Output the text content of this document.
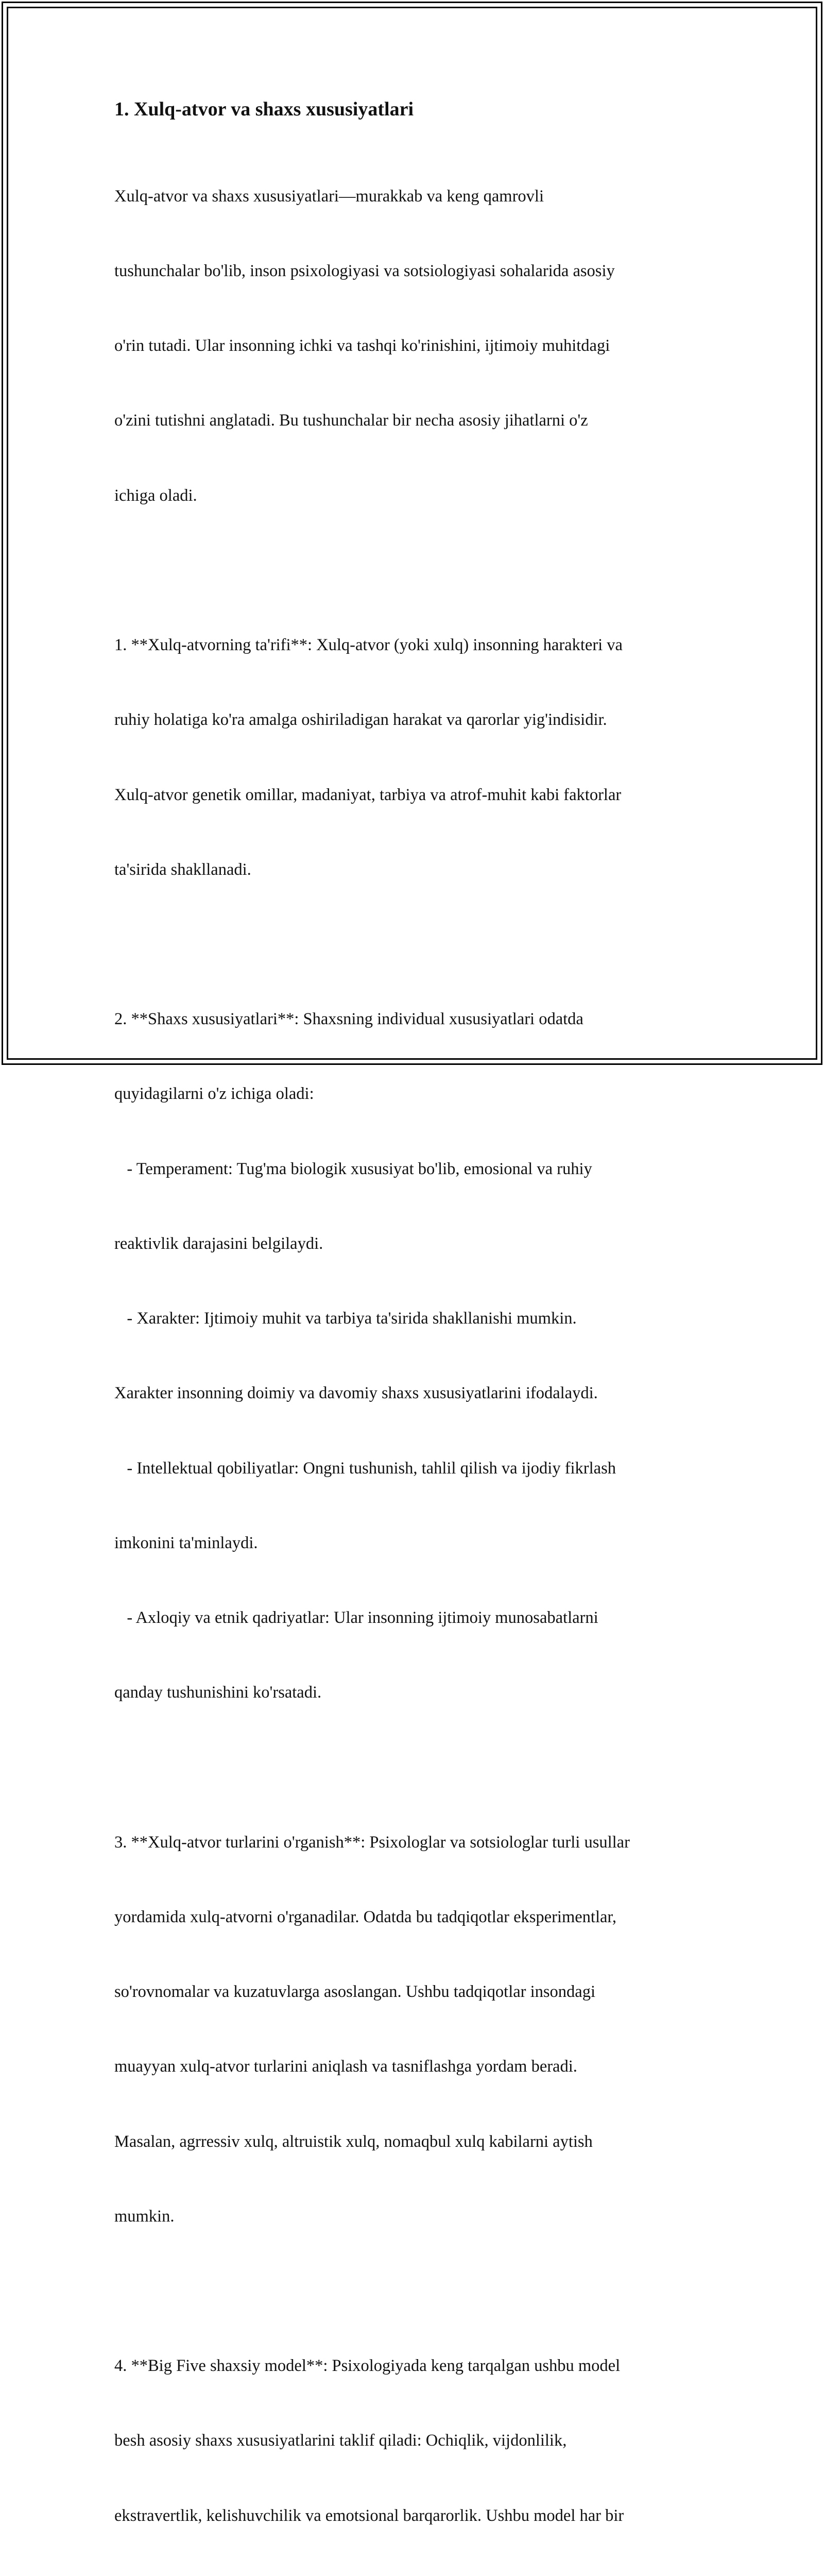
1. Xulq-atvor va shaxs xususiyatlari

Xulq-atvor va shaxs xususiyatlari—murakkab va keng qamrovli

tushunchalar bo'lib, inson psixologiyasi va sotsiologiyasi sohalarida asosiy

o'rin tutadi. Ular insonning ichki va tashqi ko'rinishini, ijtimoiy muhitdagi

o'zini tutishni anglatadi. Bu tushunchalar bir necha asosiy jihatlarni o'z

ichiga oladi.

1. **Xulq-atvorning ta'rifi**: Xulq-atvor (yoki xulq) insonning harakteri va

ruhiy holatiga ko'ra amalga oshiriladigan harakat va qarorlar yig'indisidir.

Xulq-atvor genetik omillar, madaniyat, tarbiya va atrof-muhit kabi faktorlar

ta'sirida shakllanadi.

2. **Shaxs xususiyatlari**: Shaxsning individual xususiyatlari odatda

quyidagilarni o'z ichiga oladi:

- Temperament: Tug'ma biologik xususiyat bo'lib, emosional va ruhiy

reaktivlik darajasini belgilaydi.

- Xarakter: Ijtimoiy muhit va tarbiya ta'sirida shakllanishi mumkin.

Xarakter insonning doimiy va davomiy shaxs xususiyatlarini ifodalaydi.

- Intellektual qobiliyatlar: Ongni tushunish, tahlil qilish va ijodiy fikrlash

imkonini ta'minlaydi.

- Axloqiy va etnik qadriyatlar: Ular insonning ijtimoiy munosabatlarni

qanday tushunishini ko'rsatadi.

3. **Xulq-atvor turlarini o'rganish**: Psixologlar va sotsiologlar turli usullar

yordamida xulq-atvorni o'rganadilar. Odatda bu tadqiqotlar eksperimentlar,

so'rovnomalar va kuzatuvlarga asoslangan. Ushbu tadqiqotlar insondagi

muayyan xulq-atvor turlarini aniqlash va tasniflashga yordam beradi.

Masalan, agrressiv xulq, altruistik xulq, nomaqbul xulq kabilarni aytish

mumkin.

4. **Big Five shaxsiy model**: Psixologiyada keng tarqalgan ushbu model

besh asosiy shaxs xususiyatlarini taklif qiladi: Ochiqlik, vijdonlilik,

ekstravertlik, kelishuvchilik va emotsional barqarorlik. Ushbu model har bir
